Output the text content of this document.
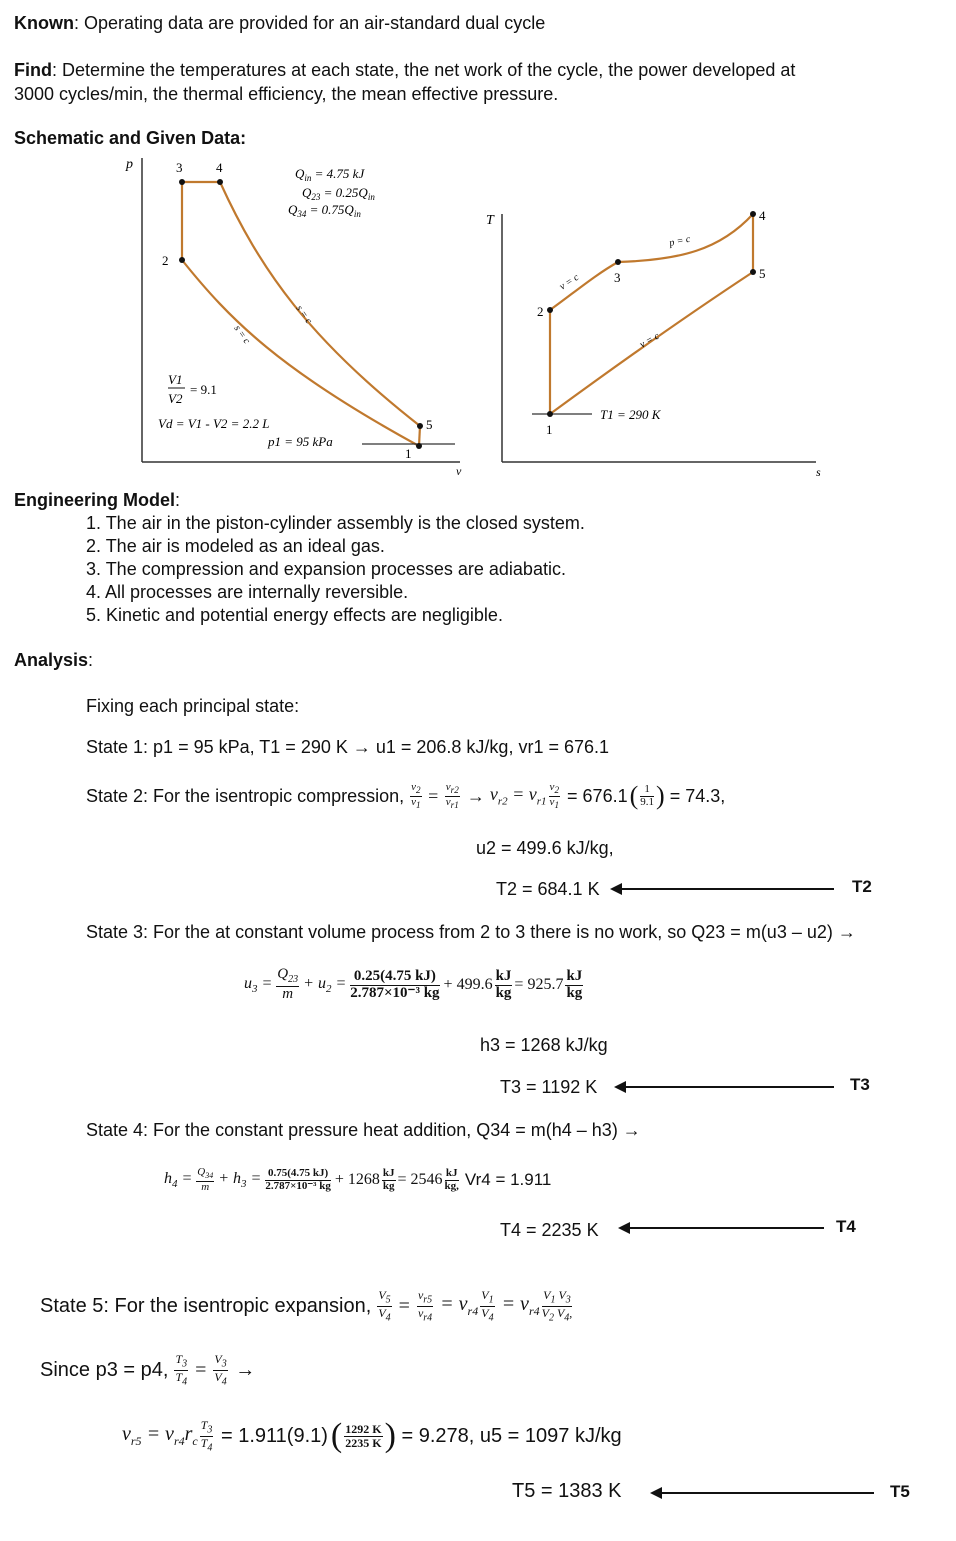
Known: Operating data are provided for an air-standard dual cycle
Find: Determine the temperatures at each state, the net work of the cycle, the power developed at
3000 cycles/min, the thermal efficiency, the mean effective pressure.
Schematic and Given Data:
p
v
3	4
2
5
1
$Q_{in} = 4.75$ kJ
$Q_{23} = 0.25Q_{in}$
$Q_{34} = 0.75Q_{in}$
s = c
s = c
V1
V2
= 9.1
Vd = V1 - V2 = 2.2 L
p1 = 95 kPa
T
s
1
2
3
4
5
v = c
v = c
p = c
T1 = 290 K
Engineering Model:
1. The air in the piston-cylinder assembly is the closed system.
2. The air is modeled as an ideal gas.
3. The compression and expansion processes are adiabatic.
4. All processes are internally reversible.
5. Kinetic and potential energy effects are negligible.
Analysis:
Fixing each principal state:
State 1: p1 = 95 kPa, T1 = 290 K → u1 = 206.8 kJ/kg, vr1 = 676.1
State 2: For the isentropic compression, $\frac{v_2}{v_1} = \frac{v_{r2}}{v_{r1}} \to v_{r2} = v_{r1} \frac{v_2}{v_1}$
= 676.1 ( $\frac{1}{9.1}$ )
= 74.3,
u2 = 499.6 kJ/kg,
T2 = 684.1 K	T2
State 3: For the at constant volume process from 2 to 3 there is no work, so Q23 = m(u3 – u2) →
$u_3 = \frac{Q_{23}}{m} + u_2 = \frac{0.25(4.75 kJ)}{\text{2.787×10⁻³ kg}} + 499.6 \frac{kJ}{kg} = 925.7 \frac{kJ}{kg}$
h3 = 1268 kJ/kg
T3 = 1192 K	T3
State 4: For the constant pressure heat addition, Q34 = m(h4 – h3) →
$h_4 = \frac{Q_{34}}{m} + h_3 = \frac{0.75(4.75 kJ)}{\text{2.787×10⁻³ kg}} + 1268 \frac{kJ}{kg} = 2546 \frac{kJ}{kg,} Vr4 = 1.911$
T4 = 2235 K	T4
State 5: For the isentropic expansion, $\frac{V_5}{V_4} = \frac{v_{r5}}{v_{r4}} = v_{r4} \frac{V_1}{V_4} = v_{r4} \frac{V_1 V_3}{V_2 V_4,}$
Since p3 = p4, $\frac{T_3}{T_4} = \frac{V_3}{V_4}$ →
$v_{r5} = v_{r4}r_c \frac{T_3}{T_4}$
= 1.911(9.1) ( $\frac{1292 K}{2235 K}$ )
= 9.278, u5 = 1097 kJ/kg
T5 = 1383 K	T5
